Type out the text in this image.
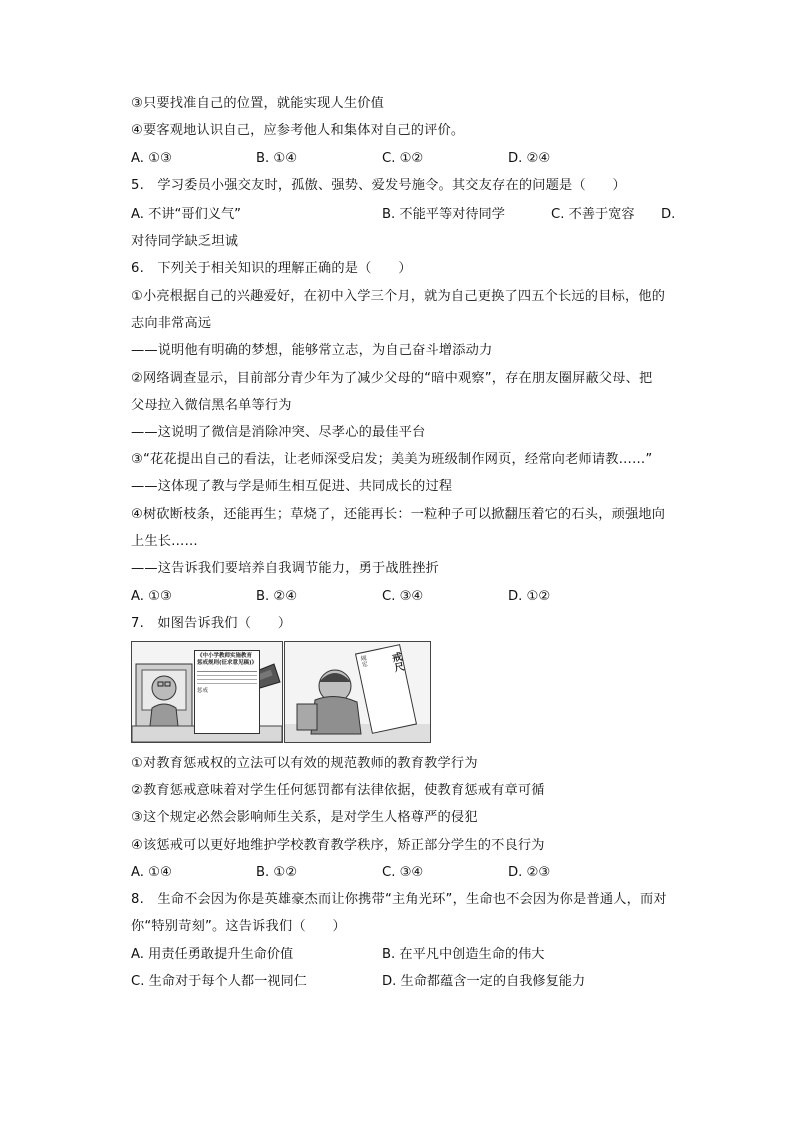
③只要找准自己的位置，就能实现人生价值
④要客观地认识自己，应参考他人和集体对自己的评价。
A. ①③	B. ①④	C. ①②	D. ②④
5.　学习委员小强交友时，孤傲、强势、爱发号施令。其交友存在的问题是（　　）
A. 不讲“哥们义气”	B. 不能平等对待同学	C. 不善于宽容 D.
对待同学缺乏坦诚
6.　下列关于相关知识的理解正确的是（　　）
①小亮根据自己的兴趣爱好，在初中入学三个月，就为自己更换了四五个长远的目标，他的
志向非常高远
——说明他有明确的梦想，能够常立志，为自己奋斗增添动力
②网络调查显示，目前部分青少年为了减少父母的“暗中观察”，存在朋友圈屏蔽父母、把
父母拉入微信黑名单等行为
——这说明了微信是消除冲突、尽孝心的最佳平台
③“花花提出自己的看法，让老师深受启发；美美为班级制作网页，经常向老师请教……”
——这体现了教与学是师生相互促进、共同成长的过程
④树砍断枝条，还能再生；草烧了，还能再长：一粒种子可以掀翻压着它的石头，顽强地向
上生长……
——这告诉我们要培养自我调节能力，勇于战胜挫折
A. ①③	B. ②④	C. ③④	D. ①②
7.　如图告诉我们（　　）
《中小学教师实施教育惩戒规则(征求意见稿)》
惩戒
规定 戒尺
①对教育惩戒权的立法可以有效的规范教师的教育教学行为
②教育惩戒意味着对学生任何惩罚都有法律依据，使教育惩戒有章可循
③这个规定必然会影响师生关系，是对学生人格尊严的侵犯
④该惩戒可以更好地维护学校教育教学秩序，矫正部分学生的不良行为
A. ①④	B. ①②	C. ③④	D. ②③
8.　生命不会因为你是英雄豪杰而让你携带“主角光环”，生命也不会因为你是普通人，而对
你“特别苛刻”。这告诉我们（　　）
A. 用责任勇敢提升生命价值	B. 在平凡中创造生命的伟大
C. 生命对于每个人都一视同仁	D. 生命都蕴含一定的自我修复能力
